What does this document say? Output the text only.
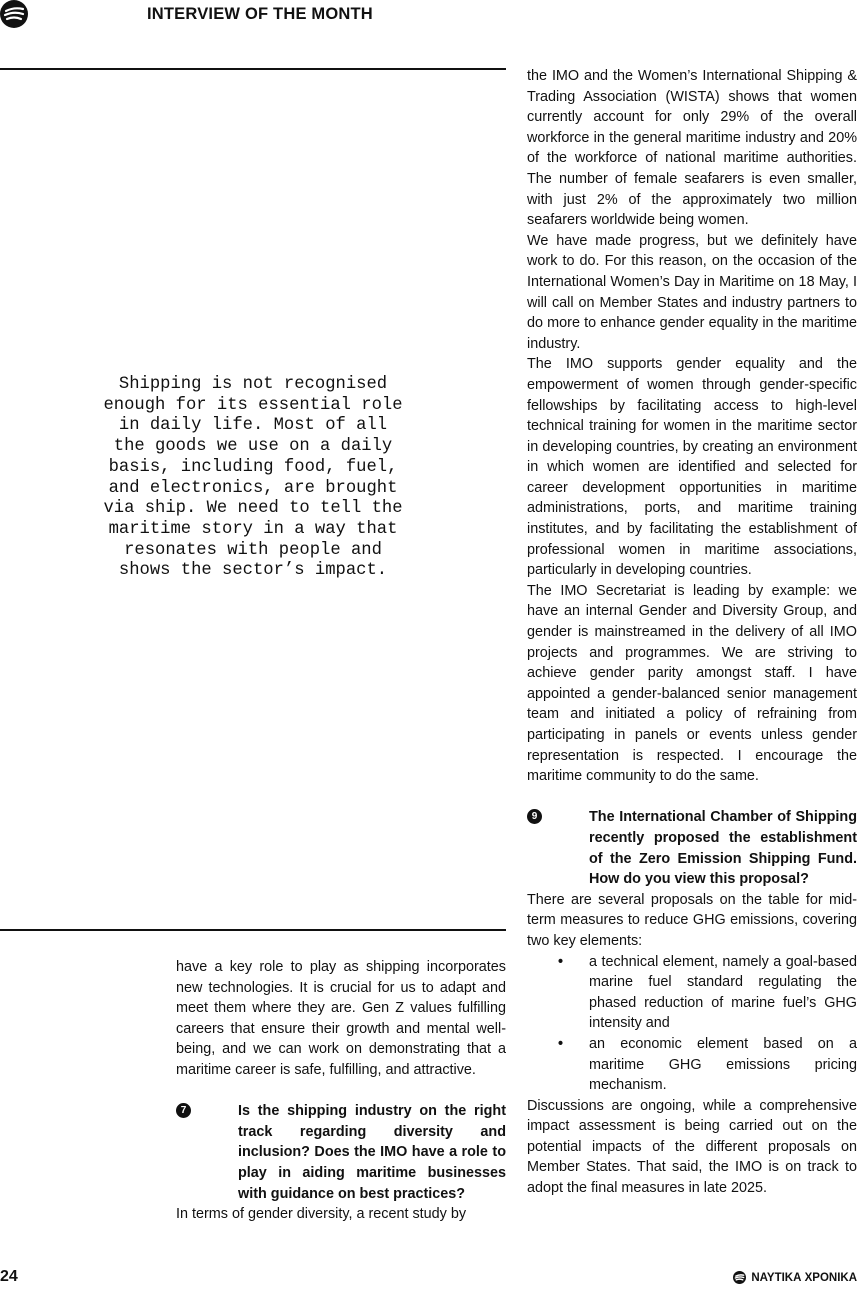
INTERVIEW OF THE MONTH
Shipping is not recognised enough for its essential role in daily life. Most of all the goods we use on a daily basis, including food, fuel, and electronics, are brought via ship. We need to tell the maritime story in a way that resonates with people and shows the sector’s impact.

have a key role to play as shipping incorporates new technologies. It is crucial for us to adapt and meet them where they are. Gen Z values fulfilling careers that ensure their growth and mental well-being, and we can work on demonstrating that a maritime career is safe, fulfilling, and attractive.

7	Is the shipping industry on the right track regarding diversity and inclusion? Does the IMO have a role to play in aiding maritime businesses with guidance on best practices?

In terms of gender diversity, a recent study by

the IMO and the Women’s International Shipping & Trading Association (WISTA) shows that women currently account for only 29% of the overall workforce in the general maritime industry and 20% of the workforce of national maritime authorities. The number of female seafarers is even smaller, with just 2% of the approximately two million seafarers worldwide being women.

We have made progress, but we definitely have work to do. For this reason, on the occasion of the International Women’s Day in Maritime on 18 May, I will call on Member States and industry partners to do more to enhance gender equality in the maritime industry.

The IMO supports gender equality and the empowerment of women through gender-specific fellowships by facilitating access to high-level technical training for women in the maritime sector in developing countries, by creating an environment in which women are identified and selected for career development opportunities in maritime administrations, ports, and maritime training institutes, and by facilitating the establishment of professional women in maritime associations, particularly in developing countries.

The IMO Secretariat is leading by example: we have an internal Gender and Diversity Group, and gender is mainstreamed in the delivery of all IMO projects and programmes. We are striving to achieve gender parity amongst staff. I have appointed a gender-balanced senior management team and initiated a policy of refraining from participating in panels or events unless gender representation is respected. I encourage the maritime community to do the same.

9	The International Chamber of Shipping recently proposed the establishment of the Zero Emission Shipping Fund. How do you view this proposal?

There are several proposals on the table for mid-term measures to reduce GHG emissions, covering two key elements:

• a technical element, namely a goal-based marine fuel standard regulating the phased reduction of marine fuel’s GHG intensity and
• an economic element based on a maritime GHG emissions pricing mechanism.

Discussions are ongoing, while a comprehensive impact assessment is being carried out on the potential impacts of the different proposals on Member States. That said, the IMO is on track to adopt the final measures in late 2025.

24	ΝΑΥΤΙΚΑ ΧΡΟΝΙΚΑ
